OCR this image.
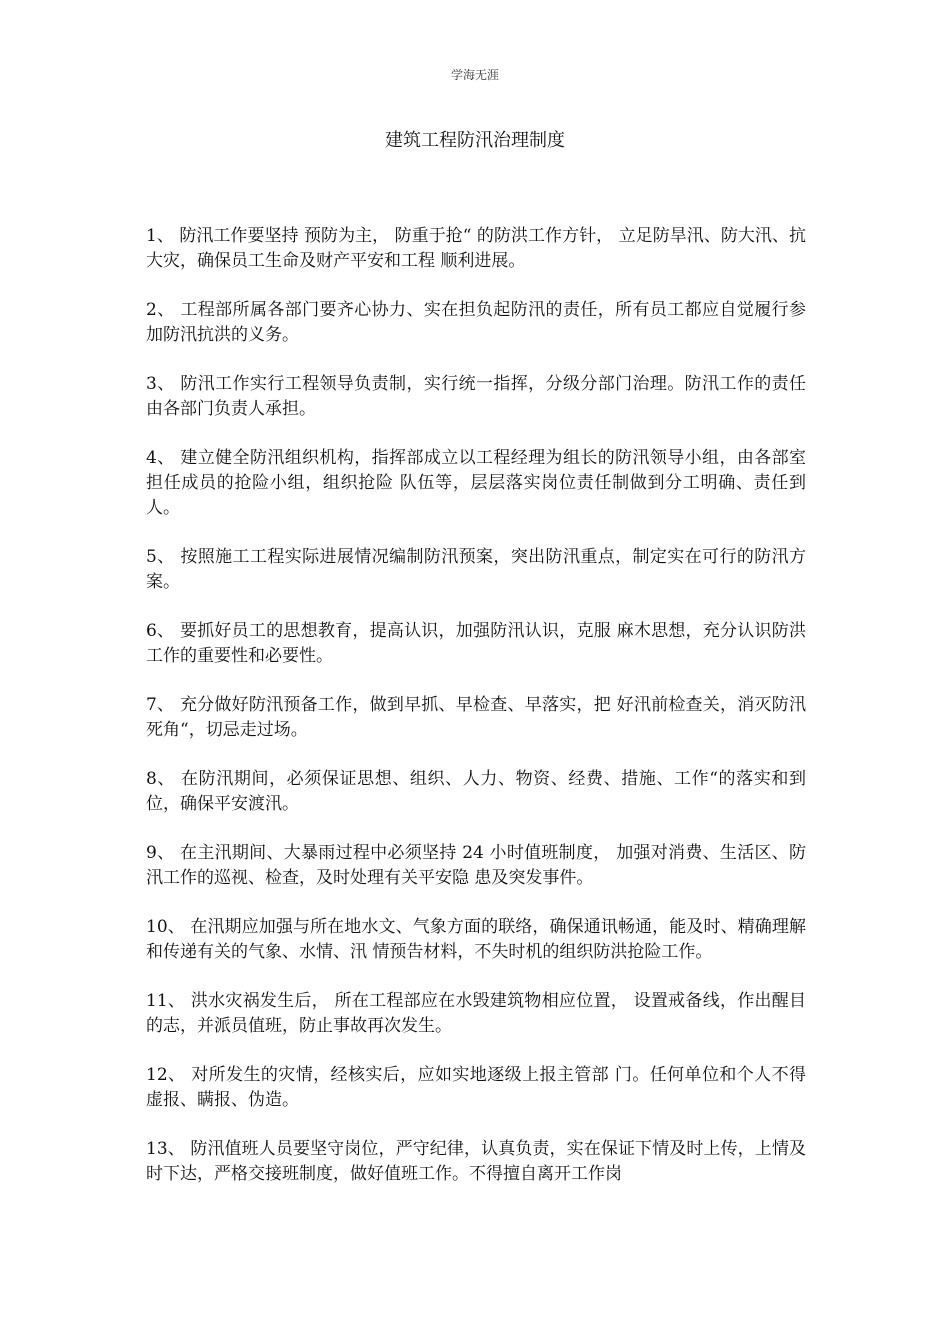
学海无涯
建筑工程防汛治理制度

1、 防汛工作要坚持 预防为主， 防重于抢“ 的防洪工作方针， 立足防旱汛、防大汛、抗大灾，确保员工生命及财产平安和工程 顺利进展。

2、 工程部所属各部门要齐心协力、实在担负起防汛的责任，所有员工都应自觉履行参加防汛抗洪的义务。

3、 防汛工作实行工程领导负责制，实行统一指挥，分级分部门治理。防汛工作的责任由各部门负责人承担。

4、 建立健全防汛组织机构，指挥部成立以工程经理为组长的防汛领导小组，由各部室担任成员的抢险小组，组织抢险 队伍等，层层落实岗位责任制做到分工明确、责任到人。

5、 按照施工工程实际进展情况编制防汛预案，突出防汛重点，制定实在可行的防汛方案。

6、 要抓好员工的思想教育，提高认识，加强防汛认识，克服 麻木思想，充分认识防洪工作的重要性和必要性。

7、 充分做好防汛预备工作，做到早抓、早检查、早落实，把 好汛前检查关，消灭防汛死角“，切忌走过场。

8、 在防汛期间，必须保证思想、组织、人力、物资、经费、措施、工作“的落实和到位，确保平安渡汛。

9、 在主汛期间、大暴雨过程中必须坚持 24 小时值班制度， 加强对消费、生活区、防汛工作的巡视、检查，及时处理有关平安隐 患及突发事件。

10、 在汛期应加强与所在地水文、气象方面的联络，确保通讯畅通，能及时、精确理解和传递有关的气象、水情、汛 情预告材料，不失时机的组织防洪抢险工作。

11、 洪水灾祸发生后， 所在工程部应在水毁建筑物相应位置， 设置戒备线，作出醒目的志，并派员值班，防止事故再次发生。

12、 对所发生的灾情，经核实后，应如实地逐级上报主管部 门。任何单位和个人不得虚报、瞒报、伪造。

13、 防汛值班人员要坚守岗位，严守纪律，认真负责，实在保证下情及时上传，上情及时下达，严格交接班制度，做好值班工作。不得擅自离开工作岗
